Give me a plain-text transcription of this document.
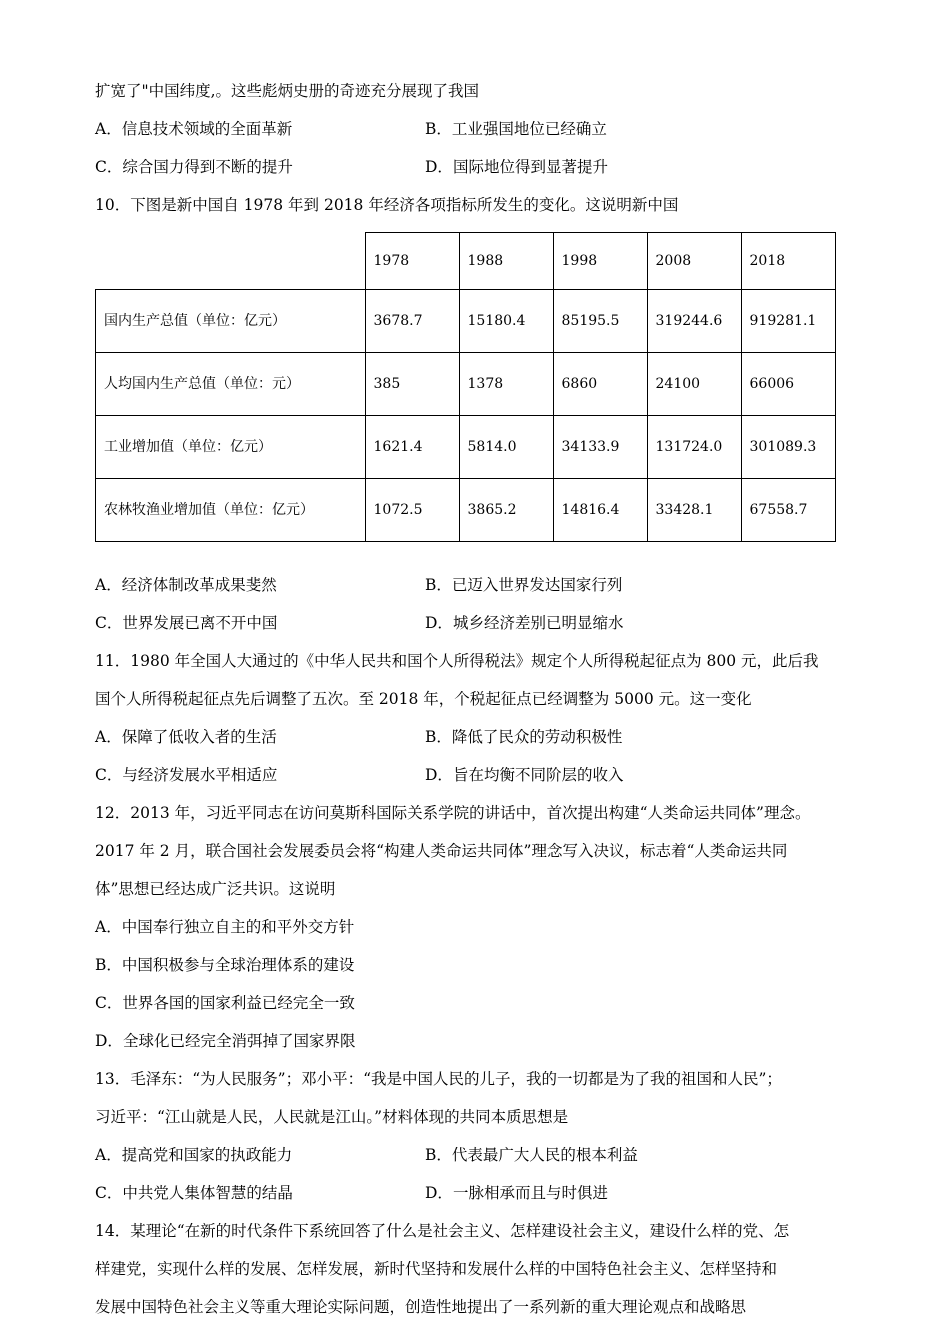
扩宽了"中国纬度,。这些彪炳史册的奇迹充分展现了我国
A．信息技术领域的全面革新	B．工业强国地位已经确立
C．综合国力得到不断的提升	D．国际地位得到显著提升
10．下图是新中国自 1978 年到 2018 年经济各项指标所发生的变化。这说明新中国
	1978	1988	1998	2008	2018
国内生产总值（单位：亿元）	3678.7	15180.4	85195.5	319244.6	919281.1
人均国内生产总值（单位：元）	385	1378	6860	24100	66006
工业增加值（单位：亿元）	1621.4	5814.0	34133.9	131724.0	301089.3
农林牧渔业增加值（单位：亿元）	1072.5	3865.2	14816.4	33428.1	67558.7
A．经济体制改革成果斐然	B．已迈入世界发达国家行列
C．世界发展已离不开中国	D．城乡经济差别已明显缩水
11．1980 年全国人大通过的《中华人民共和国个人所得税法》规定个人所得税起征点为 800 元，此后我
国个人所得税起征点先后调整了五次。至 2018 年，个税起征点已经调整为 5000 元。这一变化
A．保障了低收入者的生活	B．降低了民众的劳动积极性
C．与经济发展水平相适应	D．旨在均衡不同阶层的收入
12．2013 年，习近平同志在访问莫斯科国际关系学院的讲话中，首次提出构建“人类命运共同体”理念。
2017 年 2 月，联合国社会发展委员会将“构建人类命运共同体”理念写入决议，标志着“人类命运共同
体”思想已经达成广泛共识。这说明
A．中国奉行独立自主的和平外交方针
B．中国积极参与全球治理体系的建设
C．世界各国的国家利益已经完全一致
D．全球化已经完全消弭掉了国家界限
13．毛泽东：“为人民服务”；邓小平：“我是中国人民的儿子，我的一切都是为了我的祖国和人民”；
习近平：“江山就是人民，人民就是江山。”材料体现的共同本质思想是
A．提高党和国家的执政能力	B．代表最广大人民的根本利益
C．中共党人集体智慧的结晶	D．一脉相承而且与时俱进
14．某理论“在新的时代条件下系统回答了什么是社会主义、怎样建设社会主义，建设什么样的党、怎
样建党，实现什么样的发展、怎样发展，新时代坚持和发展什么样的中国特色社会主义、怎样坚持和
发展中国特色社会主义等重大理论实际问题，创造性地提出了一系列新的重大理论观点和战略思
